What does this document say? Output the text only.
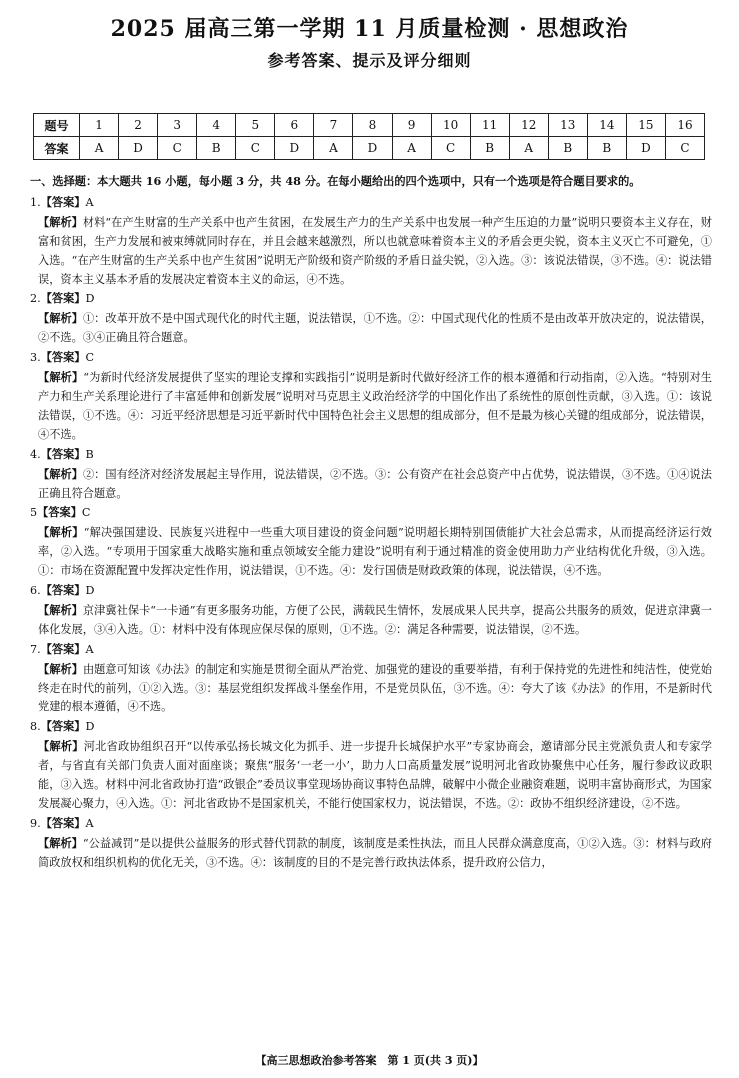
2025 届高三第一学期 11 月质量检测 · 思想政治
参考答案、提示及评分细则
题号	1	2	3	4	5	6	7	8	9	10	11	12	13	14	15	16
答案	A	D	C	B	C	D	A	D	A	C	B	A	B	B	D	C
一、选择题：本大题共 16 小题，每小题 3 分，共 48 分。在每小题给出的四个选项中，只有一个选项是符合题目要求的。
1.【答案】A

【解析】材料“在产生财富的生产关系中也产生贫困，在发展生产力的生产关系中也发展一种产生压迫的力量”说明只要资本主义存在，财富和贫困，生产力发展和被束缚就同时存在，并且会越来越激烈，所以也就意味着资本主义的矛盾会更尖锐，资本主义灭亡不可避免，①入选。“在产生财富的生产关系中也产生贫困”说明无产阶级和资产阶级的矛盾日益尖锐，②入选。③：该说法错误，③不选。④：说法错误，资本主义基本矛盾的发展决定着资本主义的命运，④不选。

2.【答案】D

【解析】①：改革开放不是中国式现代化的时代主题，说法错误，①不选。②：中国式现代化的性质不是由改革开放决定的，说法错误，②不选。③④正确且符合题意。

3.【答案】C

【解析】“为新时代经济发展提供了坚实的理论支撑和实践指引”说明是新时代做好经济工作的根本遵循和行动指南，②入选。“特别对生产力和生产关系理论进行了丰富延伸和创新发展”说明对马克思主义政治经济学的中国化作出了系统性的原创性贡献，③入选。①：该说法错误，①不选。④：习近平经济思想是习近平新时代中国特色社会主义思想的组成部分，但不是最为核心关键的组成部分，说法错误，④不选。

4.【答案】B

【解析】②：国有经济对经济发展起主导作用，说法错误，②不选。③：公有资产在社会总资产中占优势，说法错误，③不选。①④说法正确且符合题意。

5【答案】C

【解析】“解决强国建设、民族复兴进程中一些重大项目建设的资金问题”说明超长期特别国债能扩大社会总需求，从而提高经济运行效率，②入选。“专项用于国家重大战略实施和重点领域安全能力建设”说明有利于通过精准的资金使用助力产业结构优化升级，③入选。①：市场在资源配置中发挥决定性作用，说法错误，①不选。④：发行国债是财政政策的体现，说法错误，④不选。

6.【答案】D

【解析】京津冀社保卡“一卡通”有更多服务功能，方便了公民，满载民生情怀，发展成果人民共享，提高公共服务的质效，促进京津冀一体化发展，③④入选。①：材料中没有体现应保尽保的原则，①不选。②：满足各种需要，说法错误，②不选。

7.【答案】A

【解析】由题意可知该《办法》的制定和实施是贯彻全面从严治党、加强党的建设的重要举措，有利于保持党的先进性和纯洁性，使党始终走在时代的前列，①②入选。③：基层党组织发挥战斗堡垒作用，不是党员队伍，③不选。④：夸大了该《办法》的作用，不是新时代党建的根本遵循，④不选。

8.【答案】D

【解析】河北省政协组织召开“以传承弘扬长城文化为抓手、进一步提升长城保护水平”专家协商会，邀请部分民主党派负责人和专家学者，与省直有关部门负责人面对面座谈；聚焦“服务‘一老一小’，助力人口高质量发展”说明河北省政协聚焦中心任务，履行参政议政职能，③入选。材料中河北省政协打造“政银企”委员议事堂现场协商议事特色品牌，破解中小微企业融资难题，说明丰富协商形式，为国家发展凝心聚力，④入选。①：河北省政协不是国家机关，不能行使国家权力，说法错误，不选。②：政协不组织经济建设，②不选。

9.【答案】A

【解析】“公益减罚”是以提供公益服务的形式替代罚款的制度，该制度是柔性执法，而且人民群众满意度高，①②入选。③：材料与政府简政放权和组织机构的优化无关，③不选。④：该制度的目的不是完善行政执法体系，提升政府公信力，

【高三思想政治参考答案　第 1 页(共 3 页)】
